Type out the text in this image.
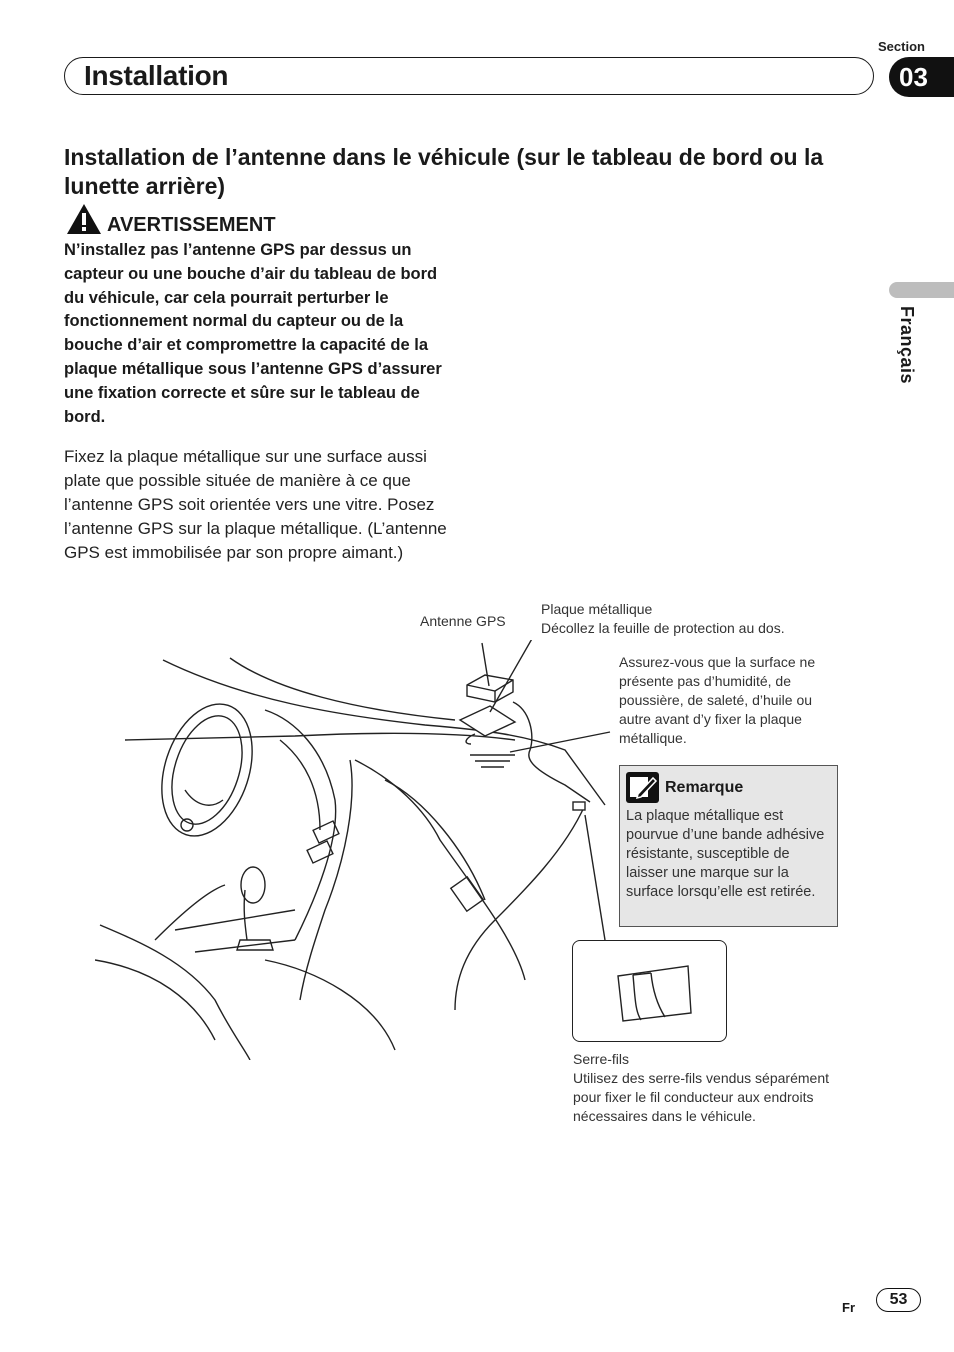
Section
Installation	03
Français
Installation de l’antenne dans le véhicule (sur le tableau de bord ou la lunette arrière)
AVERTISSEMENT

N’installez pas l’antenne GPS par dessus un capteur ou une bouche d’air du tableau de bord du véhicule, car cela pourrait perturber le fonctionnement normal du capteur ou de la bouche d’air et compromettre la capacité de la plaque métallique sous l’antenne GPS d’assurer une fixation correcte et sûre sur le tableau de bord.

Fixez la plaque métallique sur une surface aussi plate que possible située de manière à ce que l’antenne GPS soit orientée vers une vitre. Posez l’antenne GPS sur la plaque métallique. (L’antenne GPS est immobilisée par son propre aimant.)
Antenne GPS
Plaque métallique
Décollez la feuille de protection au dos.
Assurez-vous que la surface ne présente pas d’humidité, de poussière, de saleté, d’huile ou autre avant d’y fixer la plaque métallique.
Remarque
La plaque métallique est pourvue d’une bande adhésive résistante, susceptible de laisser une marque sur la surface lorsqu’elle est retirée.
Serre-fils
Utilisez des serre-fils vendus séparément pour fixer le fil conducteur aux endroits nécessaires dans le véhicule.
Fr	53
